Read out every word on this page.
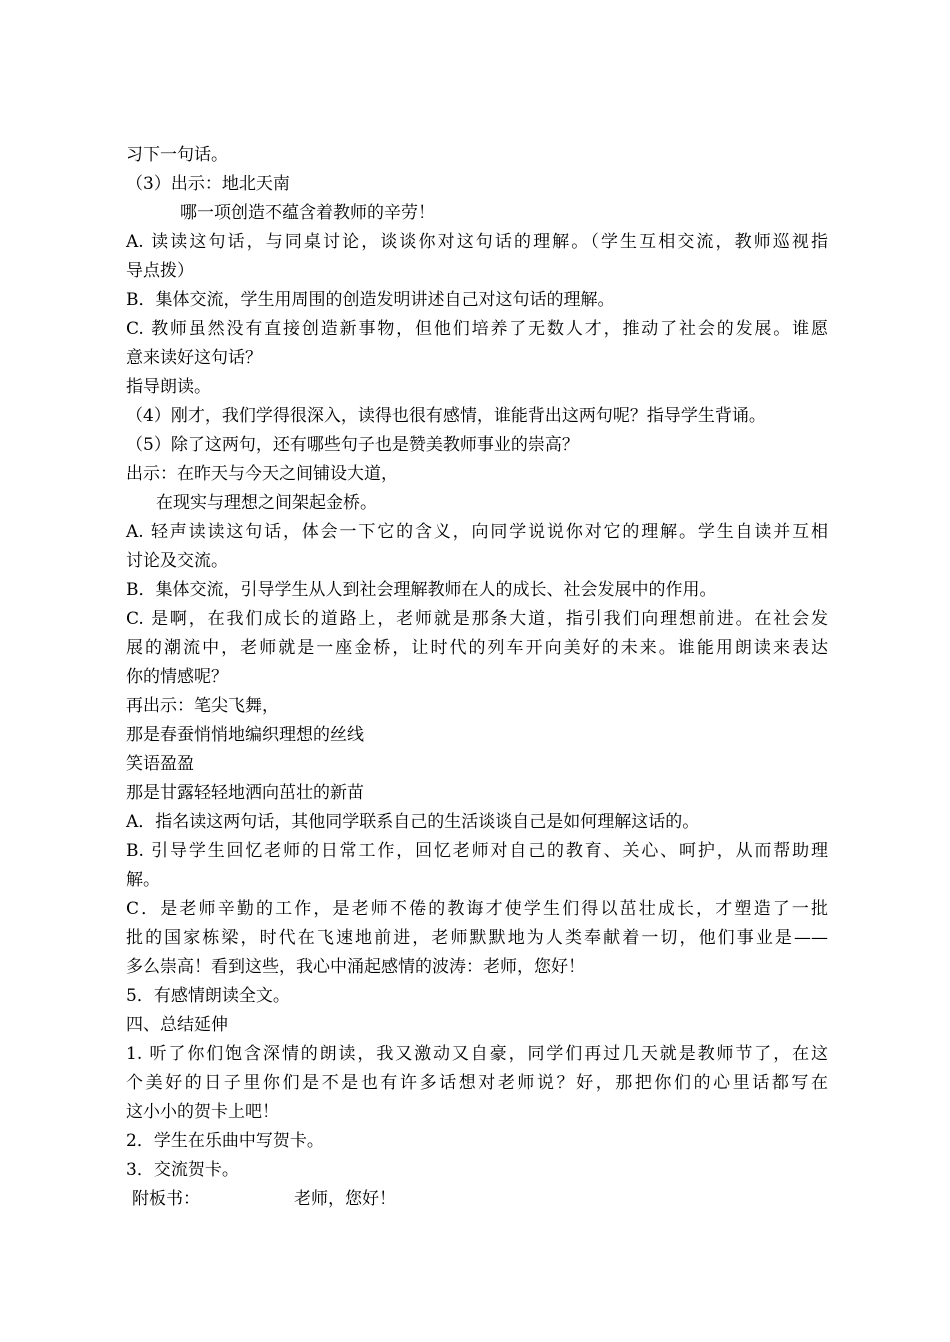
习下一句话。
（3）出示：地北天南
哪一项创造不蕴含着教师的辛劳！
A. 读读这句话，与同桌讨论，谈谈你对这句话的理解。（学生互相交流，教师巡视指
导点拨）
B．集体交流，学生用周围的创造发明讲述自己对这句话的理解。
C. 教师虽然没有直接创造新事物，但他们培养了无数人才，推动了社会的发展。谁愿
意来读好这句话？
指导朗读。
（4）刚才，我们学得很深入，读得也很有感情，谁能背出这两句呢？指导学生背诵。
（5）除了这两句，还有哪些句子也是赞美教师事业的崇高？
出示：在昨天与今天之间铺设大道，
在现实与理想之间架起金桥。
A. 轻声读读这句话，体会一下它的含义，向同学说说你对它的理解。学生自读并互相
讨论及交流。
B．集体交流，引导学生从人到社会理解教师在人的成长、社会发展中的作用。
C. 是啊，在我们成长的道路上，老师就是那条大道，指引我们向理想前进。在社会发
展的潮流中，老师就是一座金桥，让时代的列车开向美好的未来。谁能用朗读来表达
你的情感呢？
再出示：笔尖飞舞，
那是春蚕悄悄地编织理想的丝线
笑语盈盈
那是甘露轻轻地洒向茁壮的新苗
A．指名读这两句话，其他同学联系自己的生活谈谈自己是如何理解这话的。
B. 引导学生回忆老师的日常工作，回忆老师对自己的教育、关心、呵护，从而帮助理
解。
C．是老师辛勤的工作，是老师不倦的教诲才使学生们得以茁壮成长，才塑造了一批
批的国家栋梁，时代在飞速地前进，老师默默地为人类奉献着一切，他们事业是——
多么崇高！看到这些，我心中涌起感情的波涛：老师，您好！
5．有感情朗读全文。
四、总结延伸
1. 听了你们饱含深情的朗读，我又激动又自豪，同学们再过几天就是教师节了，在这
个美好的日子里你们是不是也有许多话想对老师说？好，那把你们的心里话都写在
这小小的贺卡上吧！
2．学生在乐曲中写贺卡。
3．交流贺卡。
附板书：	老师，您好！
